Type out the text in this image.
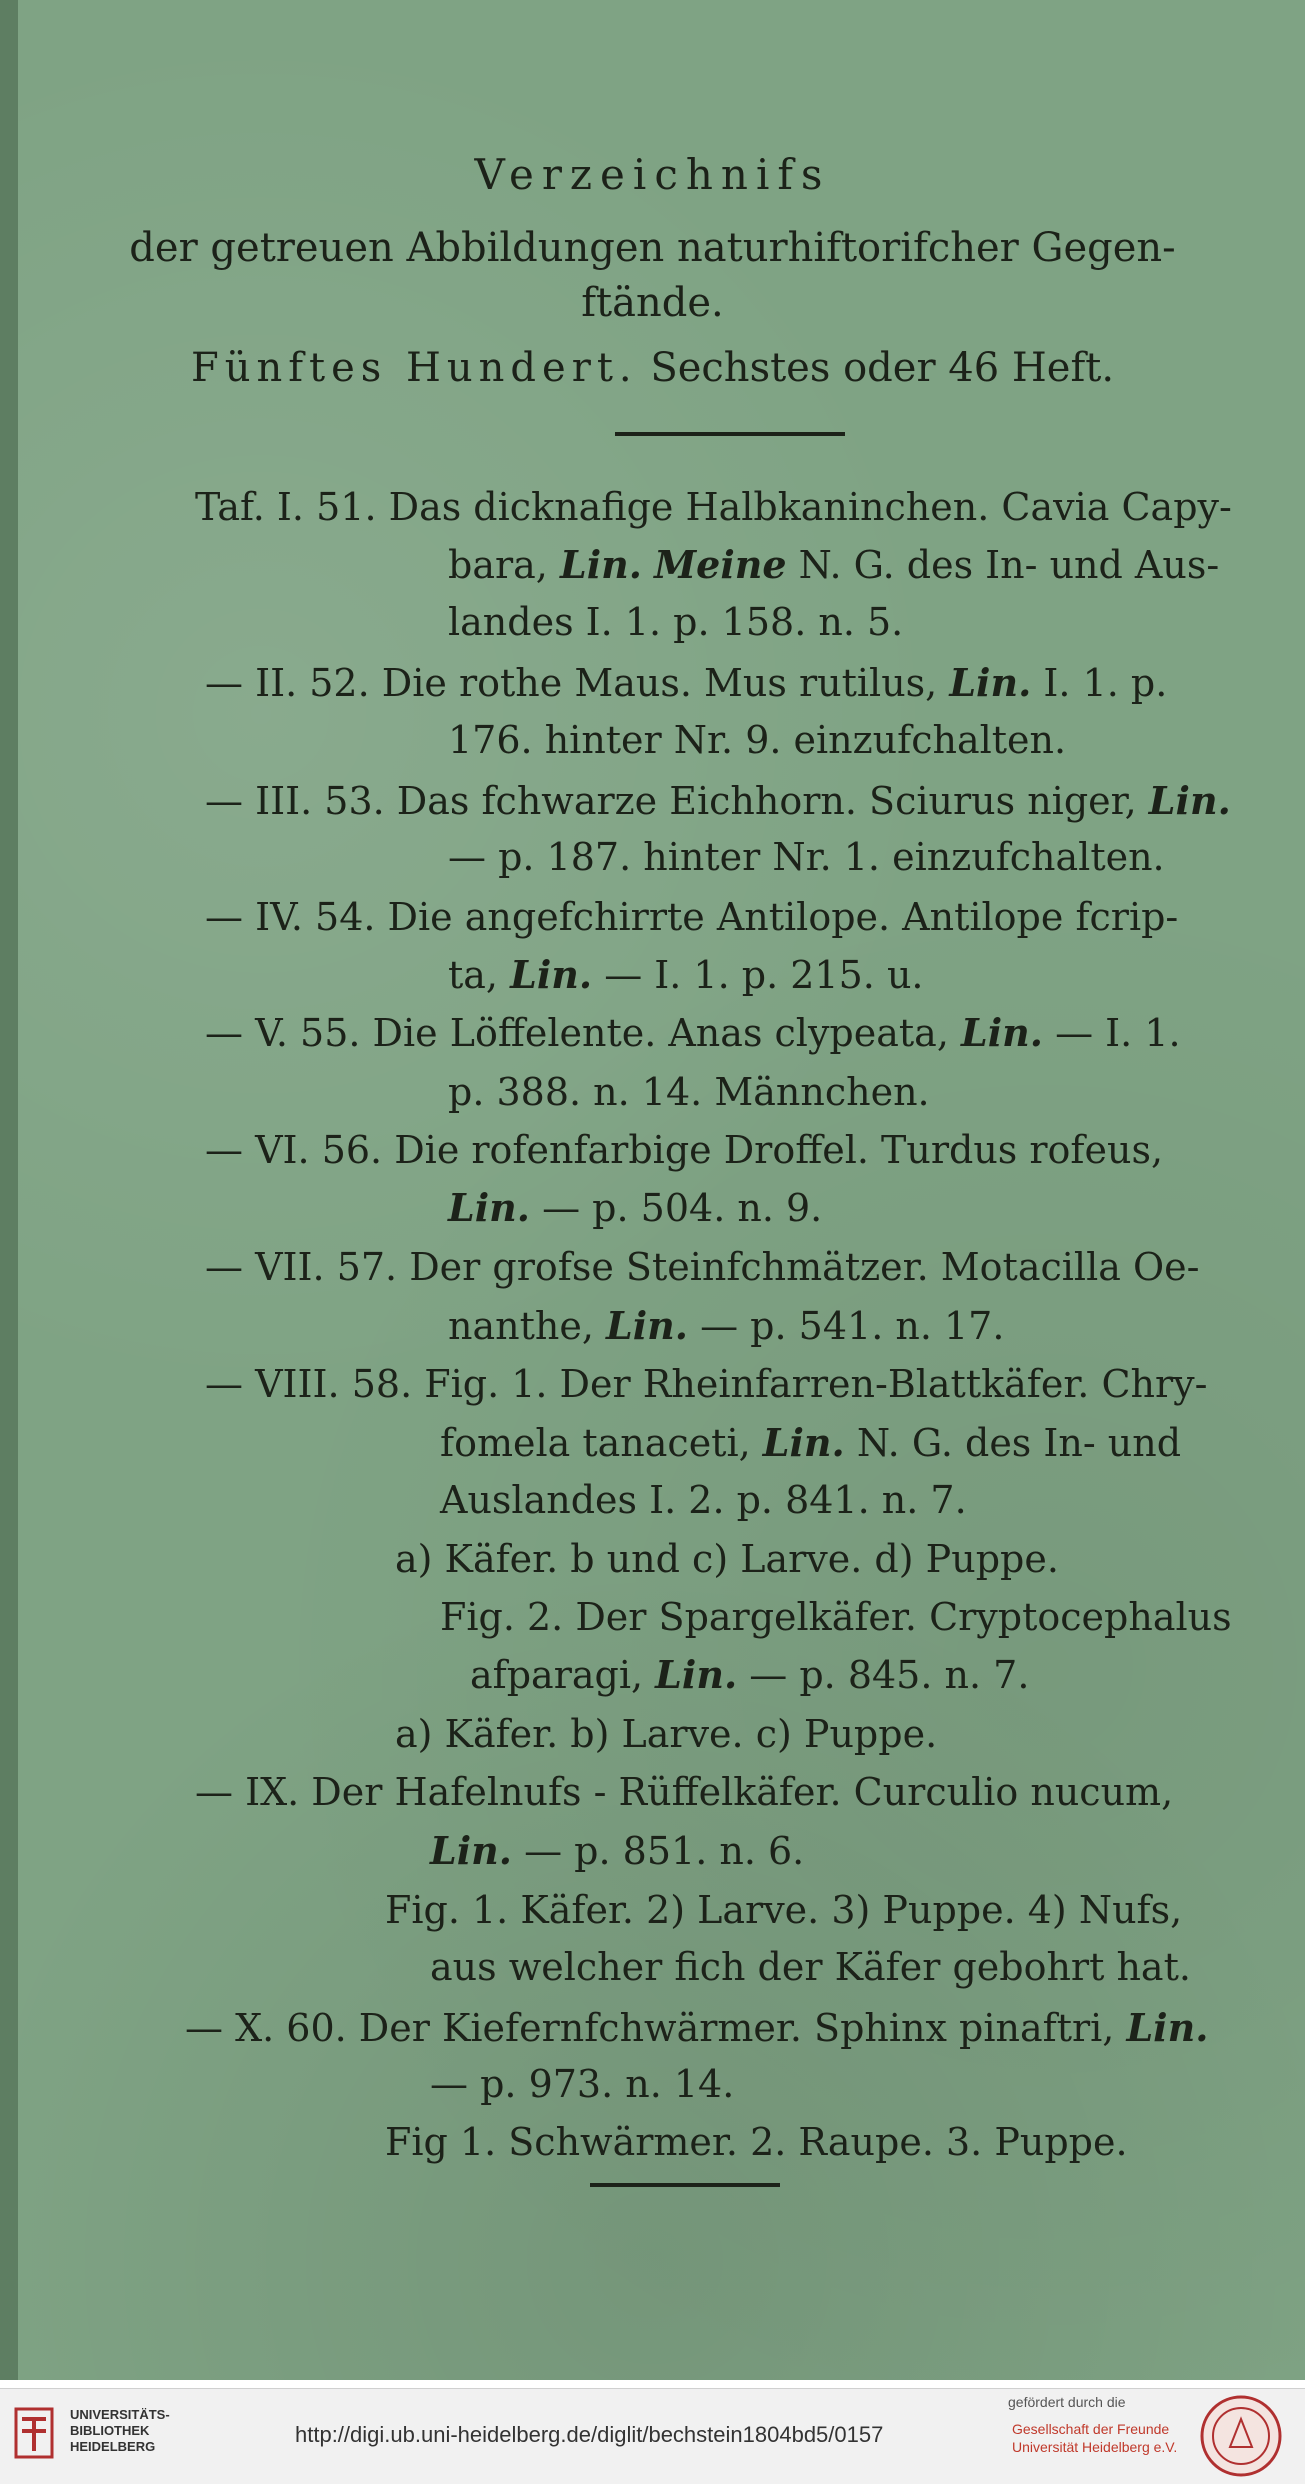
Verzeichnifs
der getreuen Abbildungen naturhiftorifcher Gegen-
ftände.
Fünftes Hundert. Sechstes oder 46 Heft.
Taf. I. 51. Das dicknafige Halbkaninchen. Cavia Capy-
bara, Lin. Meine N. G. des In- und Aus-
landes I. 1. p. 158. n. 5.
— II. 52. Die rothe Maus. Mus rutilus, Lin. I. 1. p.
176. hinter Nr. 9. einzufchalten.
— III. 53. Das fchwarze Eichhorn. Sciurus niger, Lin.
— p. 187. hinter Nr. 1. einzufchalten.
— IV. 54. Die angefchirrte Antilope. Antilope fcrip-
ta, Lin. — I. 1. p. 215. u.
— V. 55. Die Löffelente. Anas clypeata, Lin. — I. 1.
p. 388. n. 14. Männchen.
— VI. 56. Die rofenfarbige Droffel. Turdus rofeus,
Lin. — p. 504. n. 9.
— VII. 57. Der grofse Steinfchmätzer. Motacilla Oe-
nanthe, Lin. — p. 541. n. 17.
— VIII. 58. Fig. 1. Der Rheinfarren-Blattkäfer. Chry-
fomela tanaceti, Lin. N. G. des In- und
Auslandes I. 2. p. 841. n. 7.
a) Käfer. b und c) Larve. d) Puppe.
Fig. 2. Der Spargelkäfer. Cryptocephalus
afparagi, Lin. — p. 845. n. 7.
a) Käfer. b) Larve. c) Puppe.
— IX. Der Hafelnufs - Rüffelkäfer. Curculio nucum,
Lin. — p. 851. n. 6.
Fig. 1. Käfer. 2) Larve. 3) Puppe. 4) Nufs,
aus welcher fich der Käfer gebohrt hat.
— X. 60. Der Kiefernfchwärmer. Sphinx pinaftri, Lin.
— p. 973. n. 14.
Fig 1. Schwärmer. 2. Raupe. 3. Puppe.
UNIVERSITÄTS-
BIBLIOTHEK
HEIDELBERG	http://digi.ub.uni-heidelberg.de/diglit/bechstein1804bd5/0157
gefördert durch die
Gesellschaft der Freunde
Universität Heidelberg e.V.
